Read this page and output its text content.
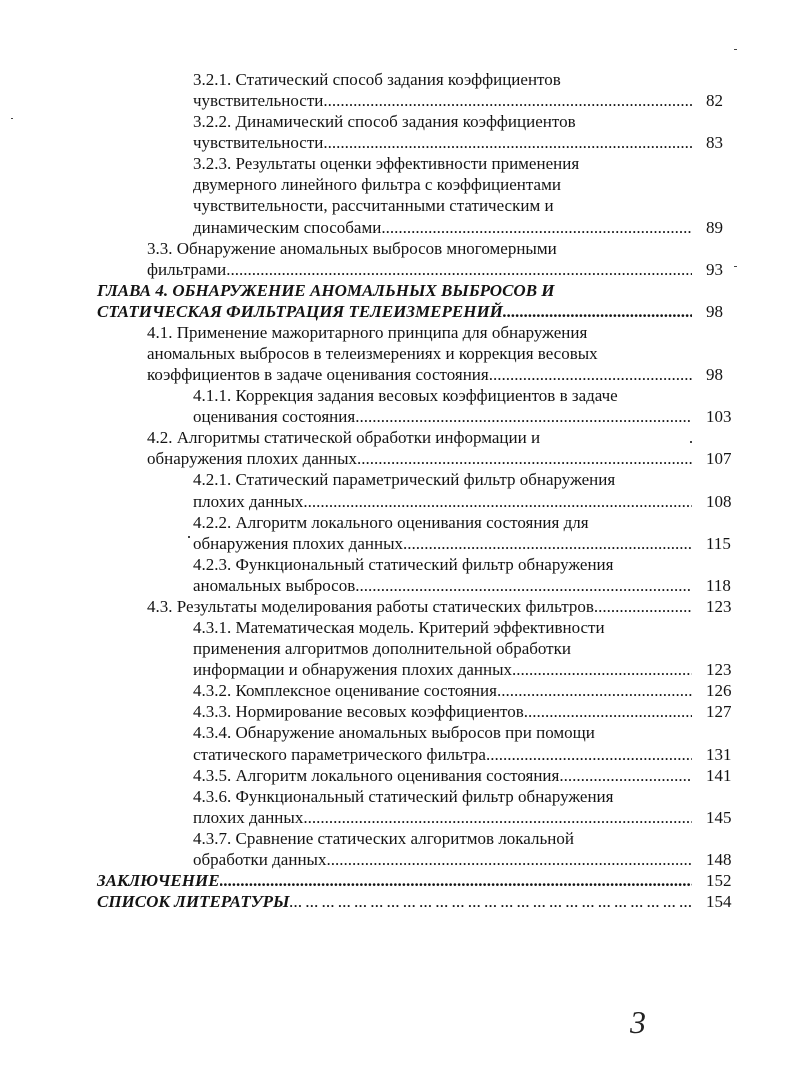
3.2.1. Статический способ задания коэффициентов
чувствительности .....	82
3.2.2. Динамический способ задания коэффициентов
чувствительности .....	83
3.2.3. Результаты оценки эффективности применения
двумерного линейного фильтра с коэффициентами
чувствительности, рассчитанными статическим и
динамическим способами .....	89
3.3. Обнаружение аномальных выбросов многомерными
фильтрами .....	93
ГЛАВА 4. ОБНАРУЖЕНИЕ АНОМАЛЬНЫХ ВЫБРОСОВ И
СТАТИЧЕСКАЯ ФИЛЬТРАЦИЯ ТЕЛЕИЗМЕРЕНИЙ .....	98
4.1. Применение мажоритарного принципа для обнаружения
аномальных выбросов в телеизмерениях и коррекция весовых
коэффициентов в задаче оценивания состояния .....	98
4.1.1. Коррекция задания весовых коэффициентов в задаче
оценивания состояния .....	103
4.2. Алгоритмы статической обработки информации и
обнаружения плохих данных .....	107
4.2.1. Статический параметрический фильтр обнаружения
плохих данных .....	108
4.2.2. Алгоритм локального оценивания состояния для
обнаружения плохих данных .....	115
4.2.3. Функциональный статический фильтр обнаружения
аномальных выбросов .....	118
4.3. Результаты моделирования работы статических фильтров .....	123
4.3.1. Математическая модель. Критерий эффективности
применения алгоритмов дополнительной обработки
информации и обнаружения плохих данных .....	123
4.3.2. Комплексное оценивание состояния .....	126
4.3.3. Нормирование весовых коэффициентов .....	127
4.3.4. Обнаружение аномальных выбросов при помощи
статического параметрического фильтра .....	131
4.3.5. Алгоритм локального оценивания состояния .....	141
4.3.6. Функциональный статический фильтр обнаружения
плохих данных .....	145
4.3.7. Сравнение статических алгоритмов локальной
обработки данных .....	148
ЗАКЛЮЧЕНИЕ .....	152
СПИСОК ЛИТЕРАТУРЫ … … … … … … … … … … … … … … … … … … … … … … … … … … … … … … … … … … … … … … … … … … … … … … …	154
3
